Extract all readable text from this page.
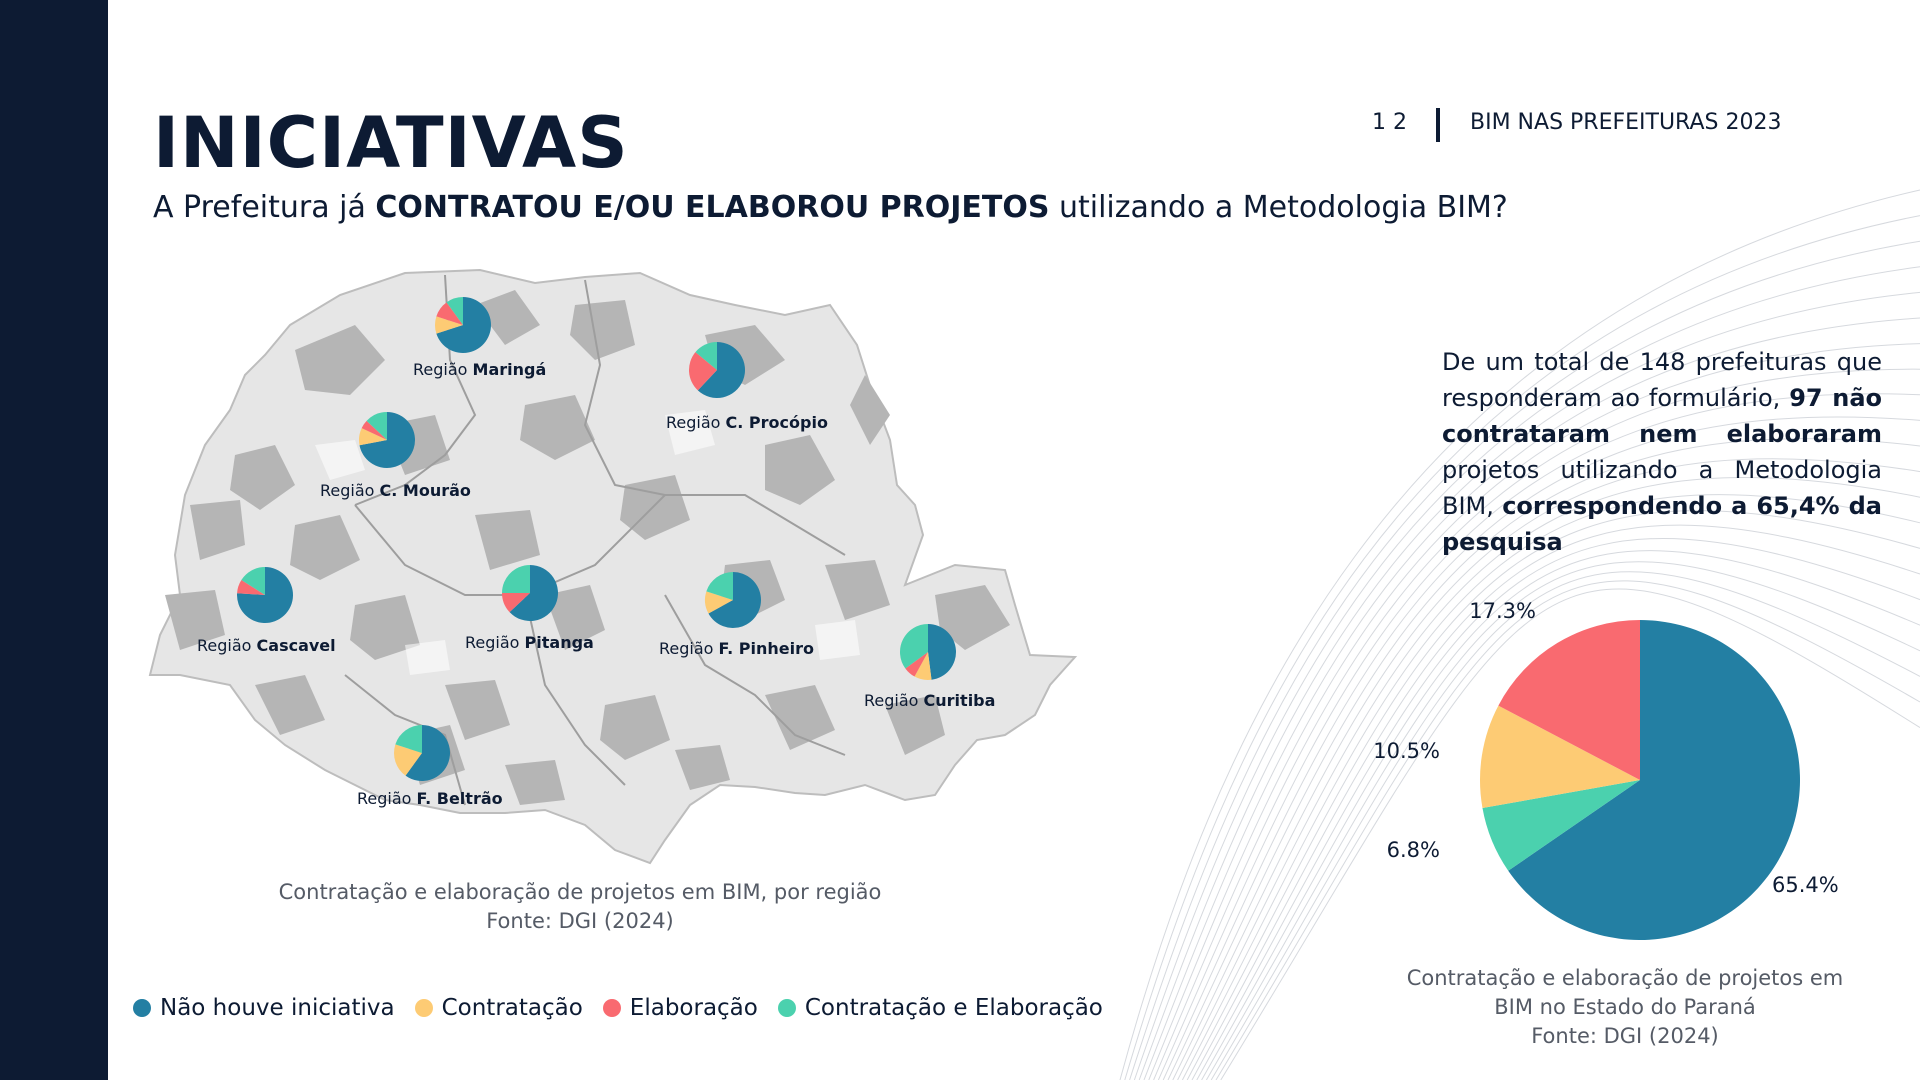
INICIATIVAS

A Prefeitura já CONTRATOU E/OU ELABOROU PROJETOS utilizando a Metodologia BIM?

1 2	BIM NAS PREFEITURAS 2023
De um total de 148 prefeituras que responderam ao formulário, 97 não contrataram nem elaboraram projetos utilizando a Metodologia BIM, correspondendo a 65,4% da pesquisa
Região Maringá
Região C. Procópio
Região C. Mourão
Região Cascavel	Região Pitanga	Região F. Pinheiro
Região Curitiba
Região F. Beltrão
Contratação e elaboração de projetos em BIM, por região
Fonte: DGI (2024)
Não houve iniciativa Contratação Elaboração Contratação e Elaboração
65.4%
6.8%
10.5%
17.3%
Contratação e elaboração de projetos em
BIM no Estado do Paraná
Fonte: DGI (2024)
